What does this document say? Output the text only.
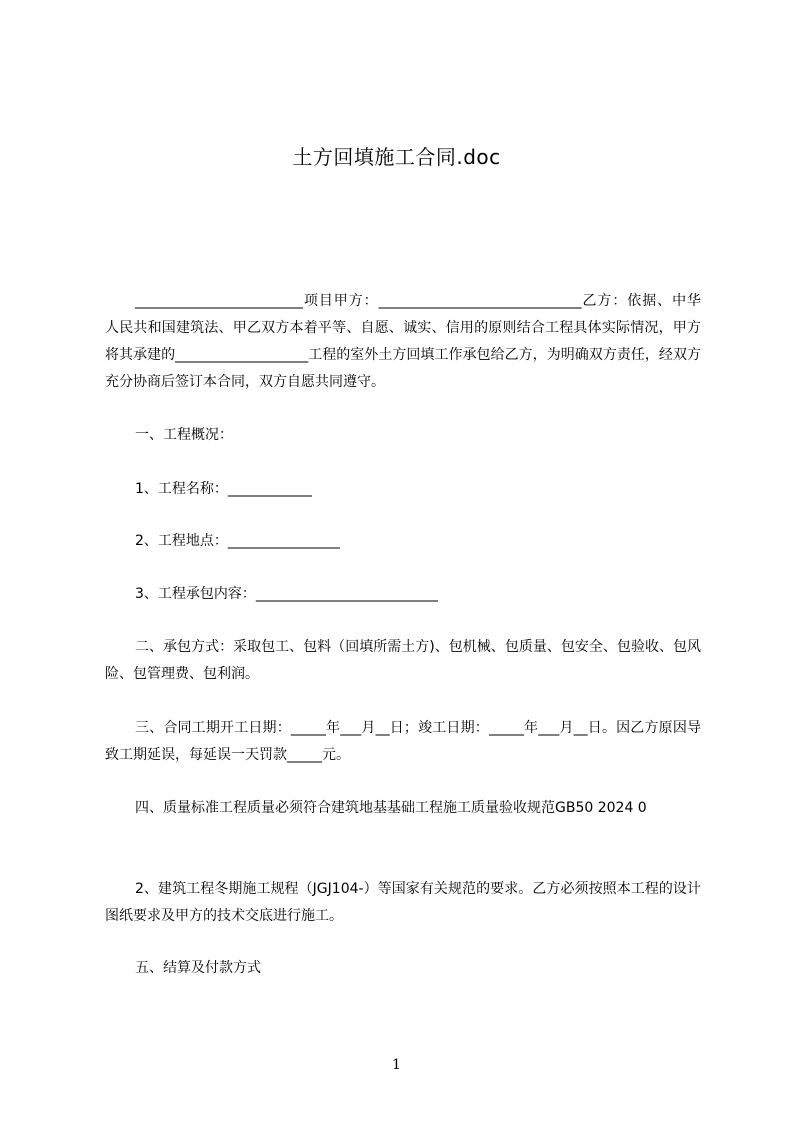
土方回填施工合同.doc
________________________项目甲方：_____________________________乙方：依据、中华人民共和国建筑法、甲乙双方本着平等、自愿、诚实、信用的原则结合工程具体实际情况，甲方将其承建的___________________工程的室外土方回填工作承包给乙方，为明确双方责任，经双方充分协商后签订本合同，双方自愿共同遵守。
一、工程概况：
1、工程名称：____________
2、工程地点：________________
3、工程承包内容：__________________________
二、承包方式：采取包工、包料（回填所需土方)、包机械、包质量、包安全、包验收、包风险、包管理费、包利润。
三、合同工期开工日期：_____年___月__日；竣工日期：_____年___月__日。因乙方原因导致工期延误，每延误一天罚款_____元。
四、质量标准工程质量必须符合建筑地基基础工程施工质量验收规范GB50 2024 0
2、建筑工程冬期施工规程（JGJ104-）等国家有关规范的要求。乙方必须按照本工程的设计图纸要求及甲方的技术交底进行施工。
五、结算及付款方式
1
